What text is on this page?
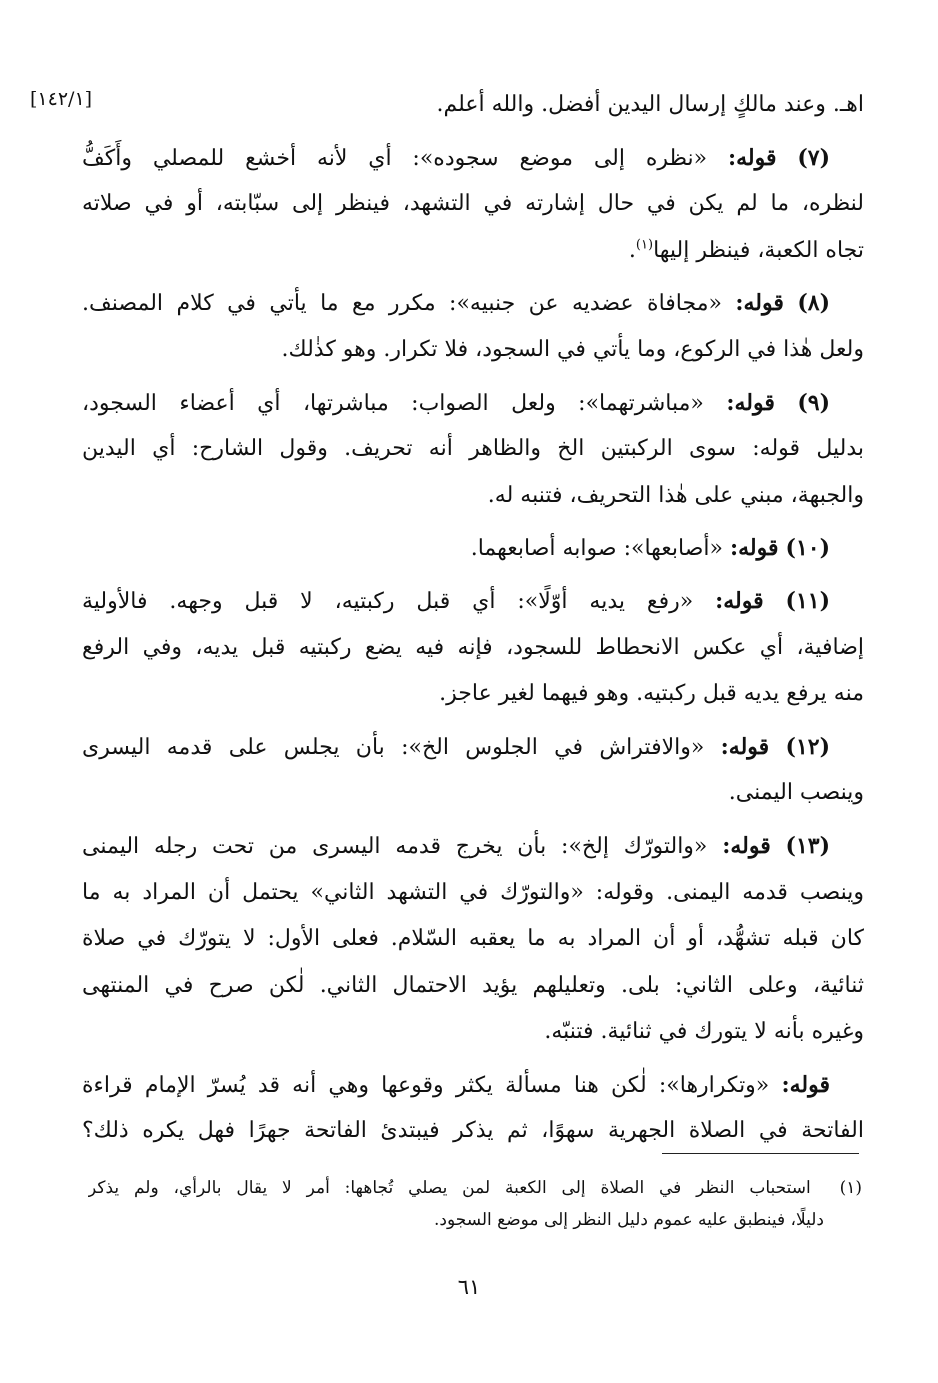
[١٤٢/١]	اهـ. وعند مالكٍ إرسال اليدين أفضل. والله أعلم.
(٧) قوله: «نظره إلى موضع سجوده»: أي لأنه أخشع للمصلي وأَكَفُّ
لنظره، ما لم يكن في حال إشارته في التشهد، فينظر إلى سبّابته، أو في صلاته
تجاه الكعبة، فينظر إليها$^{(١)}$.
(٨) قوله: «مجافاة عضديه عن جنبيه»: مكرر مع ما يأتي في كلام المصنف.
ولعل هٰذا في الركوع، وما يأتي في السجود، فلا تكرار. وهو كذٰلك.
(٩) قوله: «مباشرتهما»: ولعل الصواب: مباشرتها، أي أعضاء السجود،
بدليل قوله: سوى الركبتين الخ والظاهر أنه تحريف. وقول الشارح: أي اليدين
والجبهة، مبني على هٰذا التحريف، فتنبه له.
(١٠) قوله: «أصابعها»: صوابه أصابعهما.
(١١) قوله: «رفع يديه أوّلًا»: أي قبل ركبتيه، لا قبل وجهه. فالأولية
إضافية، أي عكس الانحطاط للسجود، فإنه فيه يضع ركبتيه قبل يديه، وفي الرفع
منه يرفع يديه قبل ركبتيه. وهو فيهما لغير عاجز.
(١٢) قوله: «والافتراش في الجلوس الخ»: بأن يجلس على قدمه اليسرى
وينصب اليمنى.
(١٣) قوله: «والتورّك إلخ»: بأن يخرج قدمه اليسرى من تحت رجله اليمنى
وينصب قدمه اليمنى. وقوله: «والتورّك في التشهد الثاني» يحتمل أن المراد به ما
كان قبله تشهُّد، أو أن المراد به ما يعقبه السّلام. فعلى الأول: لا يتورّك في صلاة
ثنائية، وعلى الثاني: بلى. وتعليلهم يؤيد الاحتمال الثاني. لٰكن صرح في المنتهى
وغيره بأنه لا يتورك في ثنائية. فتنبّه.
قوله: «وتكرارها»: لٰكن هنا مسألة يكثر وقوعها وهي أنه قد يُسرّ الإمام قراءة
الفاتحة في الصلاة الجهرية سهوًا، ثم يذكر فيبتدئ الفاتحة جهرًا فهل يكره ذلك؟
(١) استحباب النظر في الصلاة إلى الكعبة لمن يصلي تُجاهها: أمر لا يقال بالرأي، ولم يذكر
دليلًا، فينطبق عليه عموم دليل النظر إلى موضع السجود.
٦١
